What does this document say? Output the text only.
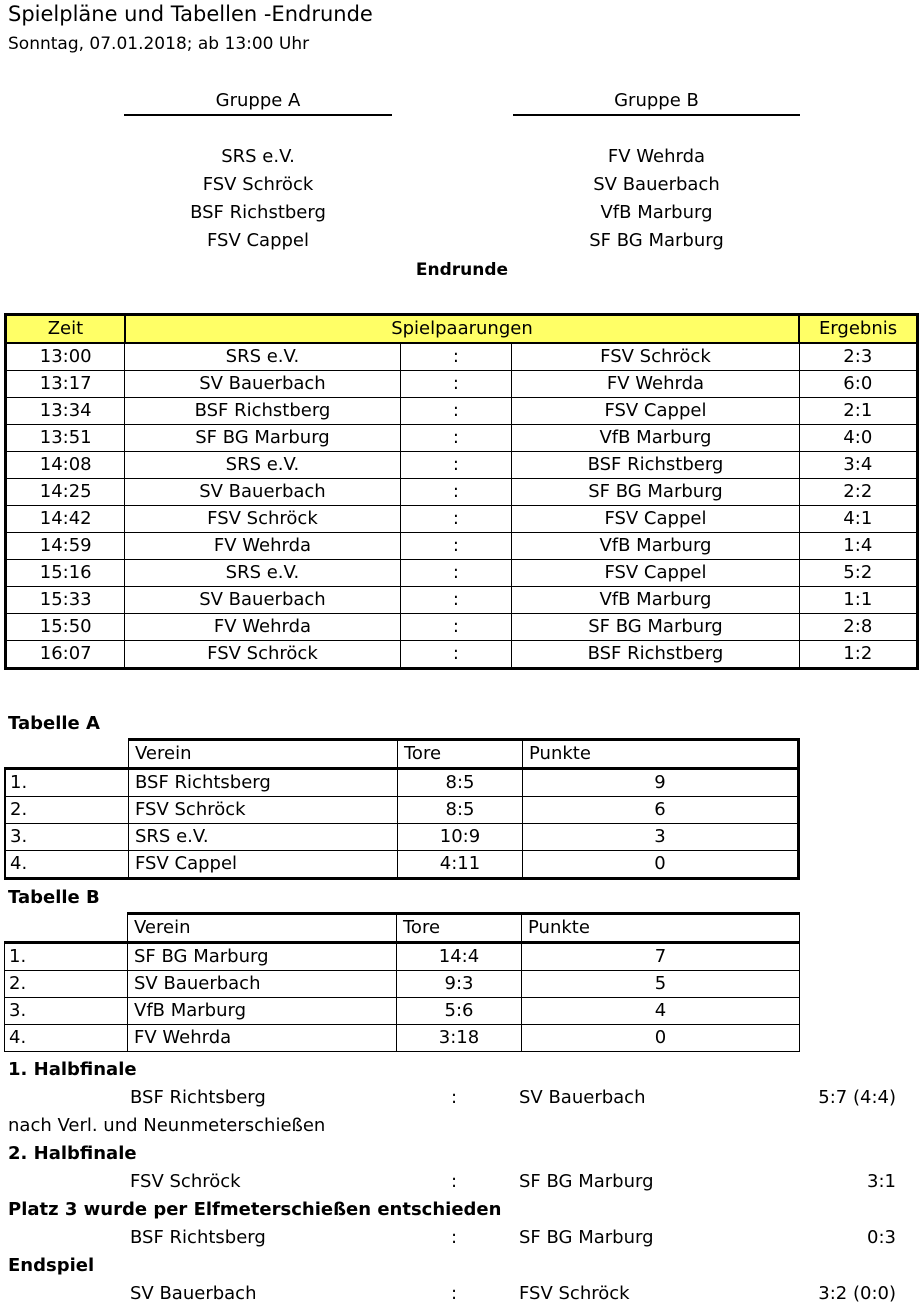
Spielpläne und Tabellen -Endrunde
Sonntag, 07.01.2018; ab 13:00 Uhr
Gruppe A	Gruppe B
SRS e.V.
FSV Schröck
BSF Richstberg
FSV Cappel
FV Wehrda
SV Bauerbach
VfB Marburg
SF BG Marburg
Endrunde
Zeit	Spielpaarungen			Ergebnis
13:00	SRS e.V.	:	FSV Schröck	2:3
13:17	SV Bauerbach	:	FV Wehrda	6:0
13:34	BSF Richstberg	:	FSV Cappel	2:1
13:51	SF BG Marburg	:	VfB Marburg	4:0
14:08	SRS e.V.	:	BSF Richstberg	3:4
14:25	SV Bauerbach	:	SF BG Marburg	2:2
14:42	FSV Schröck	:	FSV Cappel	4:1
14:59	FV Wehrda	:	VfB Marburg	1:4
15:16	SRS e.V.	:	FSV Cappel	5:2
15:33	SV Bauerbach	:	VfB Marburg	1:1
15:50	FV Wehrda	:	SF BG Marburg	2:8
16:07	FSV Schröck	:	BSF Richstberg	1:2
Tabelle A
	Verein	Tore	Punkte
1.	BSF Richtsberg	8:5	9
2.	FSV Schröck	8:5	6
3.	SRS e.V.	10:9	3
4.	FSV Cappel	4:11	0
Tabelle B
	Verein	Tore	Punkte
1.	SF BG Marburg	14:4	7
2.	SV Bauerbach	9:3	5
3.	VfB Marburg	5:6	4
4.	FV Wehrda	3:18	0
1. Halbfinale
BSF Richtsberg	:	SV Bauerbach	5:7 (4:4)
nach Verl. und Neunmeterschießen
2. Halbfinale
FSV Schröck	:	SF BG Marburg	3:1
Platz 3 wurde per Elfmeterschießen entschieden
BSF Richtsberg	:	SF BG Marburg	0:3
Endspiel
SV Bauerbach	:	FSV Schröck	3:2 (0:0)
